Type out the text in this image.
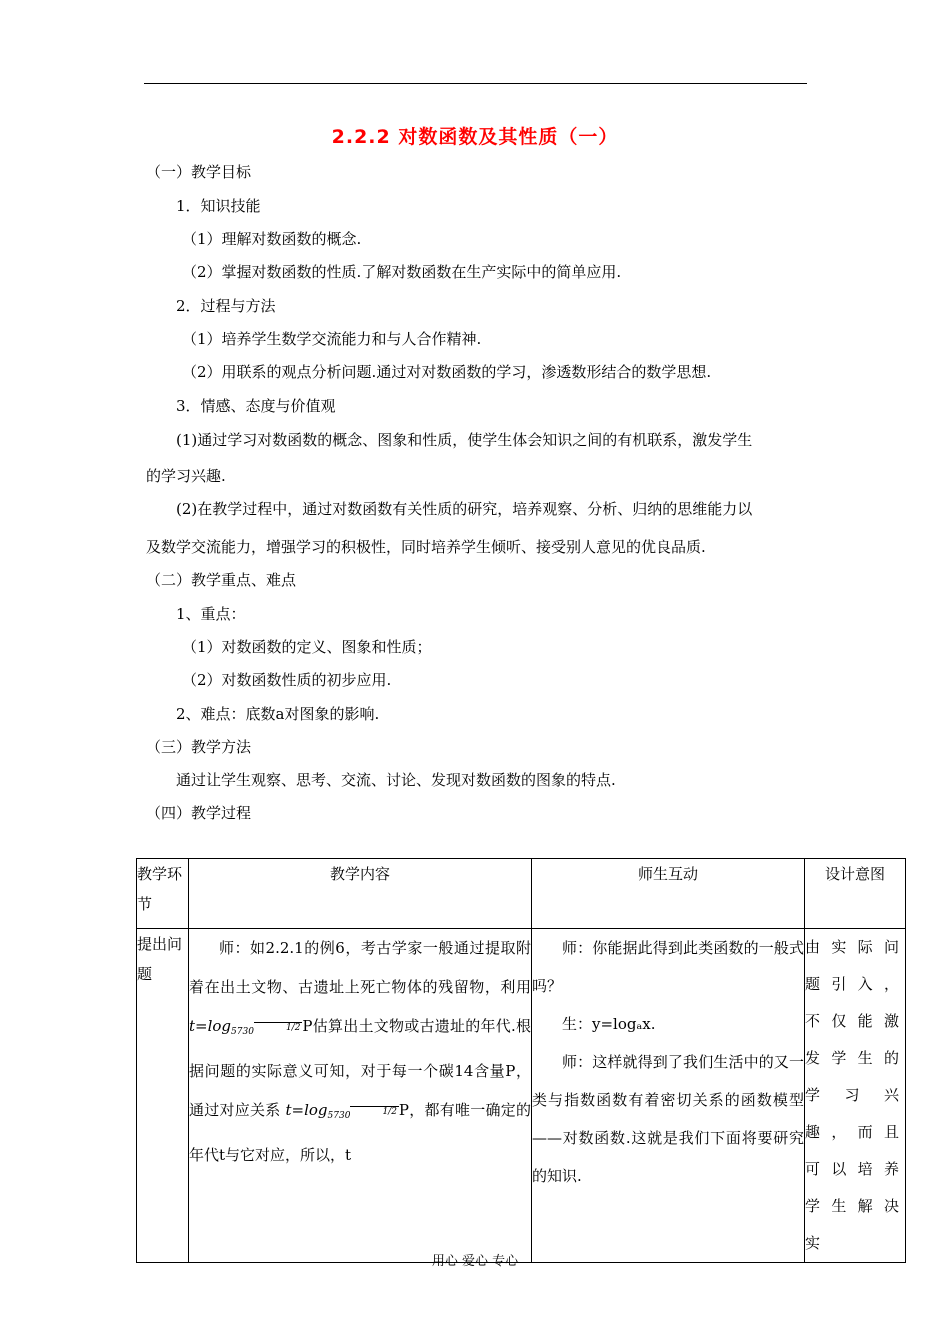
2.2.2 对数函数及其性质（一）
（一）教学目标
1．知识技能
（1）理解对数函数的概念.
（2）掌握对数函数的性质.了解对数函数在生产实际中的简单应用.
2．过程与方法
（1）培养学生数学交流能力和与人合作精神.
（2）用联系的观点分析问题.通过对对数函数的学习，渗透数形结合的数学思想.
3．情感、态度与价值观
(1)通过学习对数函数的概念、图象和性质，使学生体会知识之间的有机联系，激发学生
的学习兴趣.
(2)在教学过程中，通过对数函数有关性质的研究，培养观察、分析、归纳的思维能力以
及数学交流能力，增强学习的积极性，同时培养学生倾听、接受别人意见的优良品质.
（二）教学重点、难点
1、重点：
（1）对数函数的定义、图象和性质；
（2）对数函数性质的初步应用.
2、难点：底数a对图象的影响.
（三）教学方法
通过让学生观察、思考、交流、讨论、发现对数函数的图象的特点.
（四）教学过程
教学环节	教学内容	师生互动	设计意图
提出问题	师：如2.2.1的例6，考古学家一般通过提取附着在出土文物、古遗址上死亡物体的残留物，利用 $t=\log_{5730}$ 1/2 P估算出土文物或古遗址的年代.根据问题的实际意义可知，对于每一个碳14含量P，通过对应关系 $t=\log_{5730}$ 1/2 P，都有唯一确定的年代t与它对应，所以，t	师：你能据此得到此类函数的一般式吗？

生：y=logₐx.

师：这样就得到了我们生活中的又一类与指数函数有着密切关系的函数模型——对数函数.这就是我们下面将要研究的知识.	由实际问题引入，不仅能激发学生的学习兴趣，而且可以培养学生解决实
用心 爱心 专心
